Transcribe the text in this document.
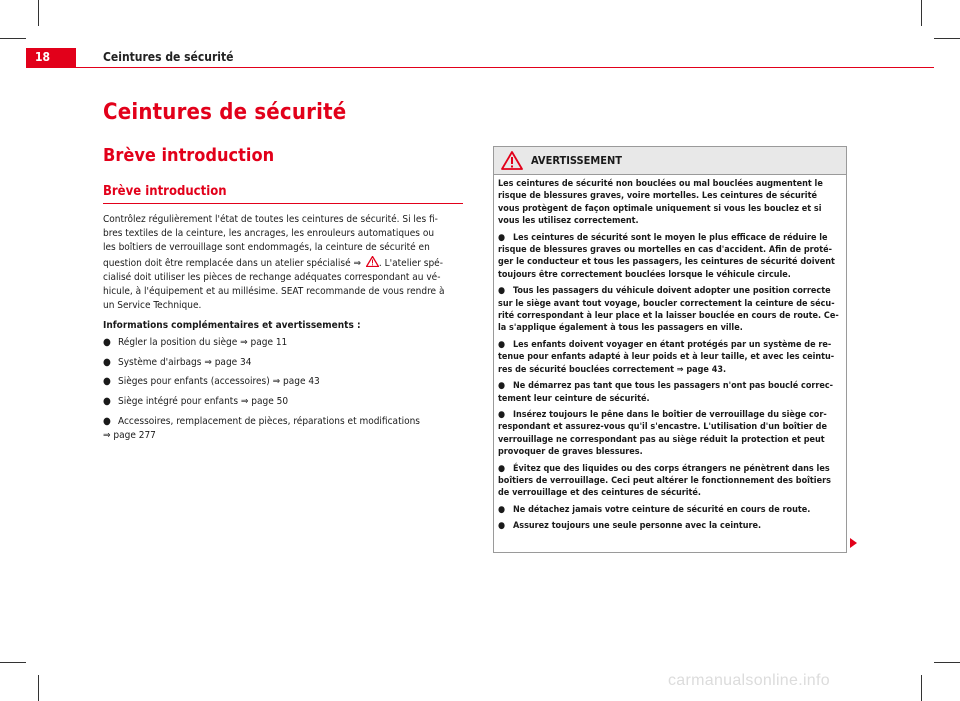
18	Ceintures de sécurité
Ceintures de sécurité
Brève introduction
Brève introduction

Contrôlez régulièrement l'état de toutes les ceintures de sécurité. Si les fi-

bres textiles de la ceinture, les ancrages, les enrouleurs automatiques ou

les boîtiers de verrouillage sont endommagés, la ceinture de sécurité en

question doit être remplacée dans un atelier spécialisé ⇒ . L'atelier spé-

cialisé doit utiliser les pièces de rechange adéquates correspondant au vé-

hicule, à l'équipement et au millésime. SEAT recommande de vous rendre à

un Service Technique.

Informations complémentaires et avertissements :
● Régler la position du siège ⇒ page 11
● Système d'airbags ⇒ page 34
● Sièges pour enfants (accessoires) ⇒ page 43
● Siège intégré pour enfants ⇒ page 50
● Accessoires, remplacement de pièces, réparations et modifications
⇒ page 277
AVERTISSEMENT

Les ceintures de sécurité non bouclées ou mal bouclées augmentent le
risque de blessures graves, voire mortelles. Les ceintures de sécurité
vous protègent de façon optimale uniquement si vous les bouclez et si
vous les utilisez correctement.

● Les ceintures de sécurité sont le moyen le plus efficace de réduire le
risque de blessures graves ou mortelles en cas d'accident. Afin de proté-
ger le conducteur et tous les passagers, les ceintures de sécurité doivent
toujours être correctement bouclées lorsque le véhicule circule.

● Tous les passagers du véhicule doivent adopter une position correcte
sur le siège avant tout voyage, boucler correctement la ceinture de sécu-
rité correspondant à leur place et la laisser bouclée en cours de route. Ce-
la s'applique également à tous les passagers en ville.

● Les enfants doivent voyager en étant protégés par un système de re-
tenue pour enfants adapté à leur poids et à leur taille, et avec les ceintu-
res de sécurité bouclées correctement ⇒ page 43.

● Ne démarrez pas tant que tous les passagers n'ont pas bouclé correc-
tement leur ceinture de sécurité.

● Insérez toujours le pêne dans le boîtier de verrouillage du siège cor-
respondant et assurez-vous qu'il s'encastre. L'utilisation d'un boîtier de
verrouillage ne correspondant pas au siège réduit la protection et peut
provoquer de graves blessures.

● Évitez que des liquides ou des corps étrangers ne pénètrent dans les
boîtiers de verrouillage. Ceci peut altérer le fonctionnement des boîtiers
de verrouillage et des ceintures de sécurité.

● Ne détachez jamais votre ceinture de sécurité en cours de route.

● Assurez toujours une seule personne avec la ceinture.

carmanualsonline.info
